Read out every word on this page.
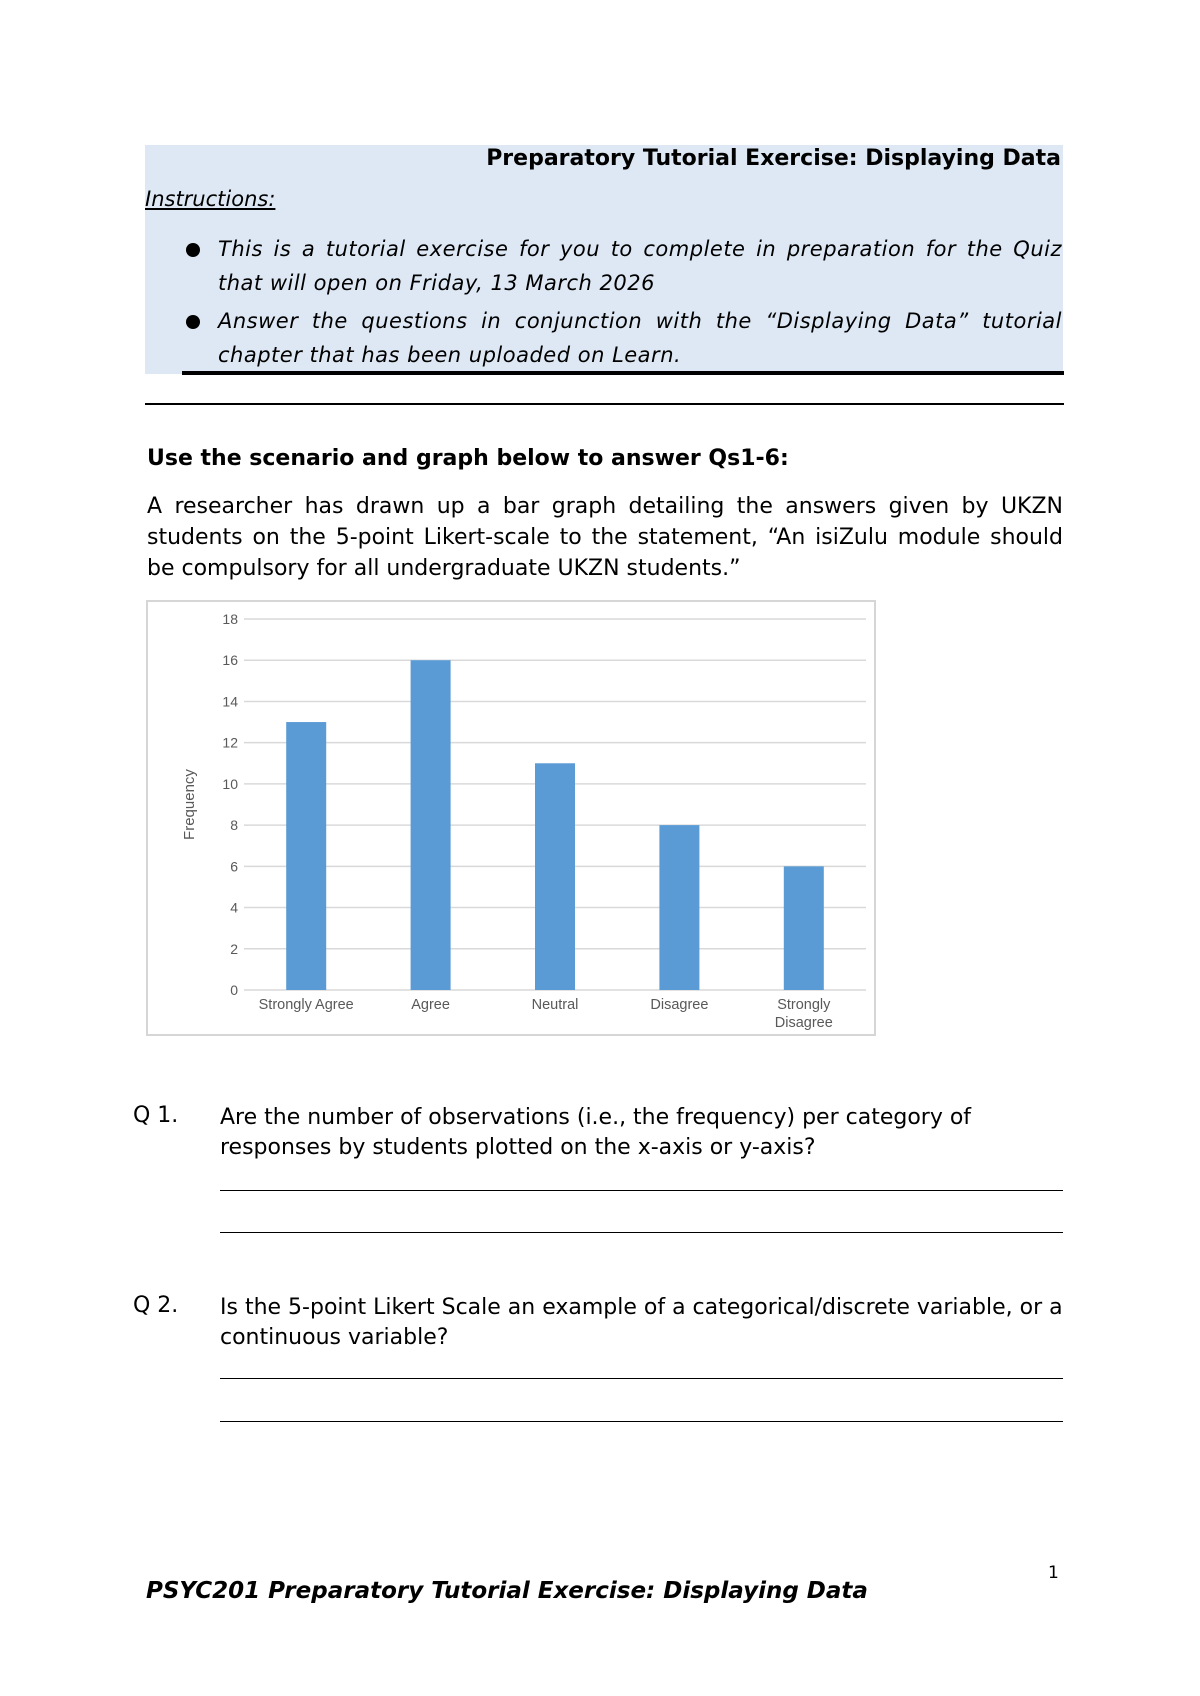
Preparatory Tutorial Exercise: Displaying Data
Instructions:
This is a tutorial exercise for you to complete in preparation for the Quiz that will open on Friday, 13 March 2026
Answer the questions in conjunction with the “Displaying Data” tutorial chapter that has been uploaded on Learn.
Use the scenario and graph below to answer Qs1-6:
A researcher has drawn up a bar graph detailing the answers given by UKZN students on the 5-point Likert-scale to the statement, “An isiZulu module should be compulsory for all undergraduate UKZN students.”
0
2
4
6
8
10
12
14
16
18
Strongly Agree	Agree	Neutral	Disagree	Strongly
Disagree
Frequency
Q 1. Are the number of observations (i.e., the frequency) per category of responses by students plotted on the x-axis or y-axis?
Q 2. Is the 5-point Likert Scale an example of a categorical/discrete variable, or a continuous variable?
1
PSYC201 Preparatory Tutorial Exercise: Displaying Data
